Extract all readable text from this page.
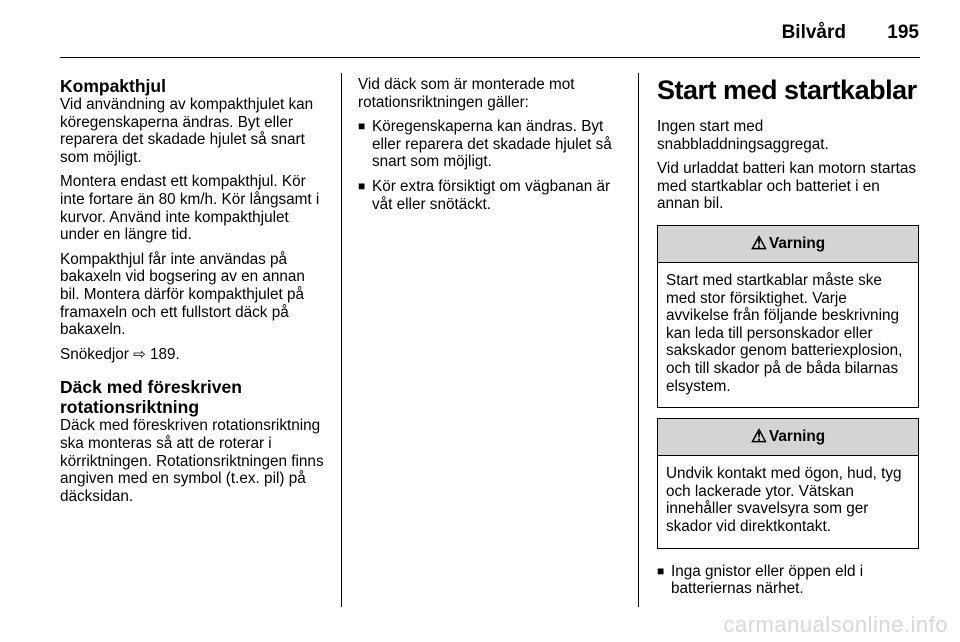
Bilvård 195
Kompakthjul

Vid användning av kompakthjulet kan köregenskaperna ändras. Byt eller reparera det skadade hjulet så snart som möjligt.

Montera endast ett kompakthjul. Kör inte fortare än 80 km/h. Kör långsamt i kurvor. Använd inte kompakthjulet under en längre tid.

Kompakthjul får inte användas på bakaxeln vid bogsering av en annan bil. Montera därför kompakthjulet på framaxeln och ett fullstort däck på bakaxeln.

Snökedjor ⇨ 189.

Däck med föreskriven rotationsriktning

Däck med föreskriven rotationsriktning ska monteras så att de roterar i körriktningen. Rotationsriktningen finns angiven med en symbol (t.ex. pil) på däcksidan.

Vid däck som är monterade mot rotationsriktningen gäller:

■ Köregenskaperna kan ändras. Byt eller reparera det skadade hjulet så snart som möjligt.
■ Kör extra försiktigt om vägbanan är våt eller snötäckt.
Start med startkablar

Ingen start med snabbladdningsaggregat.

Vid urladdat batteri kan motorn startas med startkablar och batteriet i en annan bil.

⚠ Varning
Start med startkablar måste ske med stor försiktighet. Varje avvikelse från följande beskrivning kan leda till personskador eller sakskador genom batteriexplosion, och till skador på de båda bilarnas elsystem.
⚠ Varning
Undvik kontakt med ögon, hud, tyg och lackerade ytor. Vätskan innehåller svavelsyra som ger skador vid direktkontakt.
■ Inga gnistor eller öppen eld i batteriernas närhet.
carmanualsonline.info
